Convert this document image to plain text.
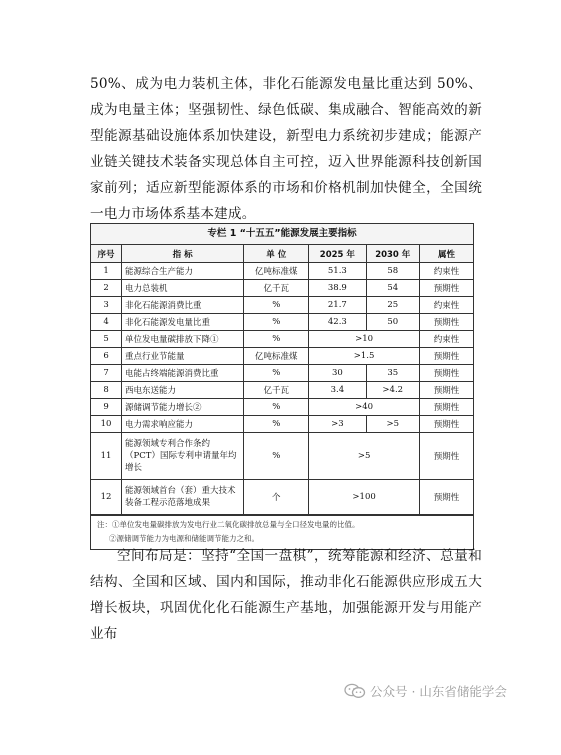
50%、成为电力装机主体，非化石能源发电量比重达到 50%、成为电量主体；坚强韧性、绿色低碳、集成融合、智能高效的新型能源基础设施体系加快建设，新型电力系统初步建成；能源产业链关键技术装备实现总体自主可控，迈入世界能源科技创新国家前列；适应新型能源体系的市场和价格机制加快健全，全国统一电力市场体系基本建成。

专栏 1 “十五五”能源发展主要指标
序号	指 标	单 位	2025 年	2030 年	属性
1	能源综合生产能力	亿吨标准煤	51.3	58	约束性
2	电力总装机	亿千瓦	38.9	54	预期性
3	非化石能源消费比重	%	21.7	25	约束性
4	非化石能源发电量比重	%	42.3	50	预期性
5	单位发电量碳排放下降①	%	>10		约束性
6	重点行业节能量	亿吨标准煤	>1.5		预期性
7	电能占终端能源消费比重	%	30	35	预期性
8	西电东送能力	亿千瓦	3.4	>4.2	预期性
9	源储调节能力增长②	%	>40		预期性
10	电力需求响应能力	%	>3	>5	预期性
11	能源领域专利合作条约（PCT）国际专利申请量年均增长	%	>5		预期性
12	能源领域首台（套）重大技术装备工程示范落地成果	个	>100		预期性
注：①单位发电量碳排放为发电行业二氧化碳排放总量与全口径发电量的比值。
②源储调节能力为电源和储能调节能力之和。

空间布局是：坚持“全国一盘棋”，统筹能源和经济、总量和结构、全国和区域、国内和国际，推动非化石能源供应形成五大增长板块，巩固优化化石能源生产基地，加强能源开发与用能产业布

公众号 · 山东省储能学会
